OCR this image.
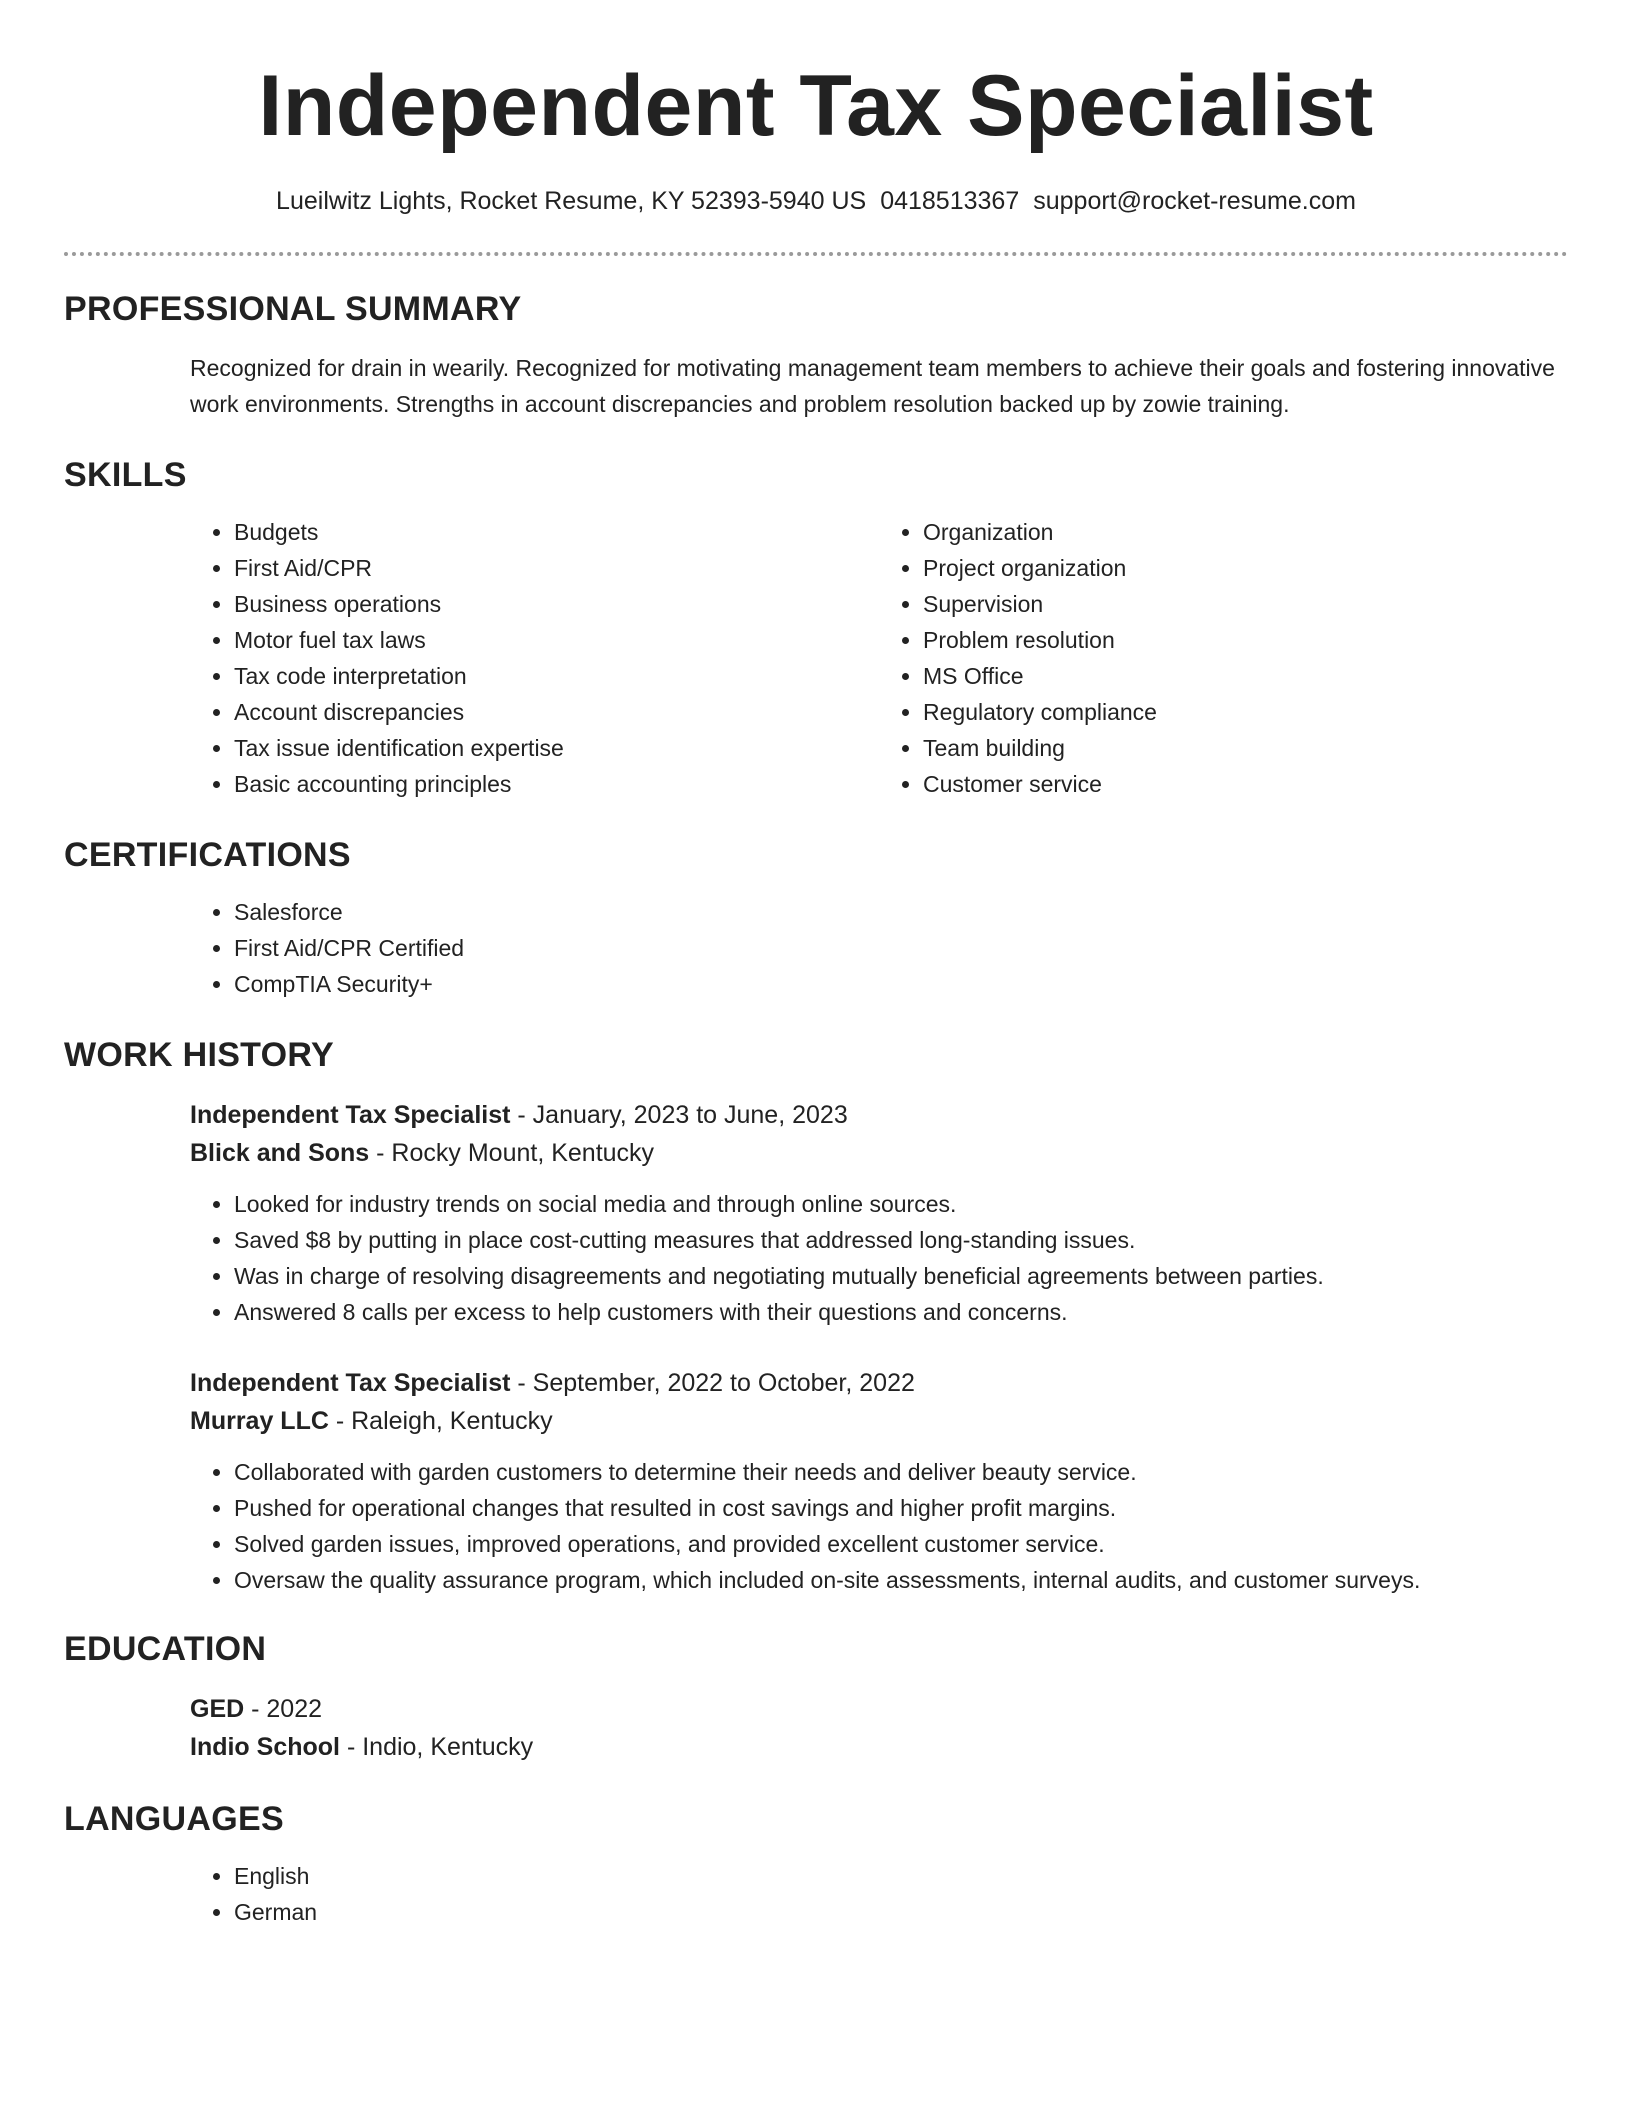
Independent Tax Specialist
Lueilwitz Lights, Rocket Resume, KY 52393-5940 US 0418513367 support@rocket-resume.com
PROFESSIONAL SUMMARY

Recognized for drain in wearily. Recognized for motivating management team members to achieve their goals and fostering innovative work environments. Strengths in account discrepancies and problem resolution backed up by zowie training.

SKILLS
• Budgets
• First Aid/CPR
• Business operations
• Motor fuel tax laws
• Tax code interpretation
• Account discrepancies
• Tax issue identification expertise
• Basic accounting principles
• Organization
• Project organization
• Supervision
• Problem resolution
• MS Office
• Regulatory compliance
• Team building
• Customer service
CERTIFICATIONS
• Salesforce
• First Aid/CPR Certified
• CompTIA Security+
WORK HISTORY

Independent Tax Specialist - January, 2023 to June, 2023

Blick and Sons - Rocky Mount, Kentucky

• Looked for industry trends on social media and through online sources.
• Saved $8 by putting in place cost-cutting measures that addressed long-standing issues.
• Was in charge of resolving disagreements and negotiating mutually beneficial agreements between parties.
• Answered 8 calls per excess to help customers with their questions and concerns.

Independent Tax Specialist - September, 2022 to October, 2022

Murray LLC - Raleigh, Kentucky

• Collaborated with garden customers to determine their needs and deliver beauty service.
• Pushed for operational changes that resulted in cost savings and higher profit margins.
• Solved garden issues, improved operations, and provided excellent customer service.
• Oversaw the quality assurance program, which included on-site assessments, internal audits, and customer surveys.
EDUCATION

GED - 2022

Indio School - Indio, Kentucky

LANGUAGES
• English
• German
